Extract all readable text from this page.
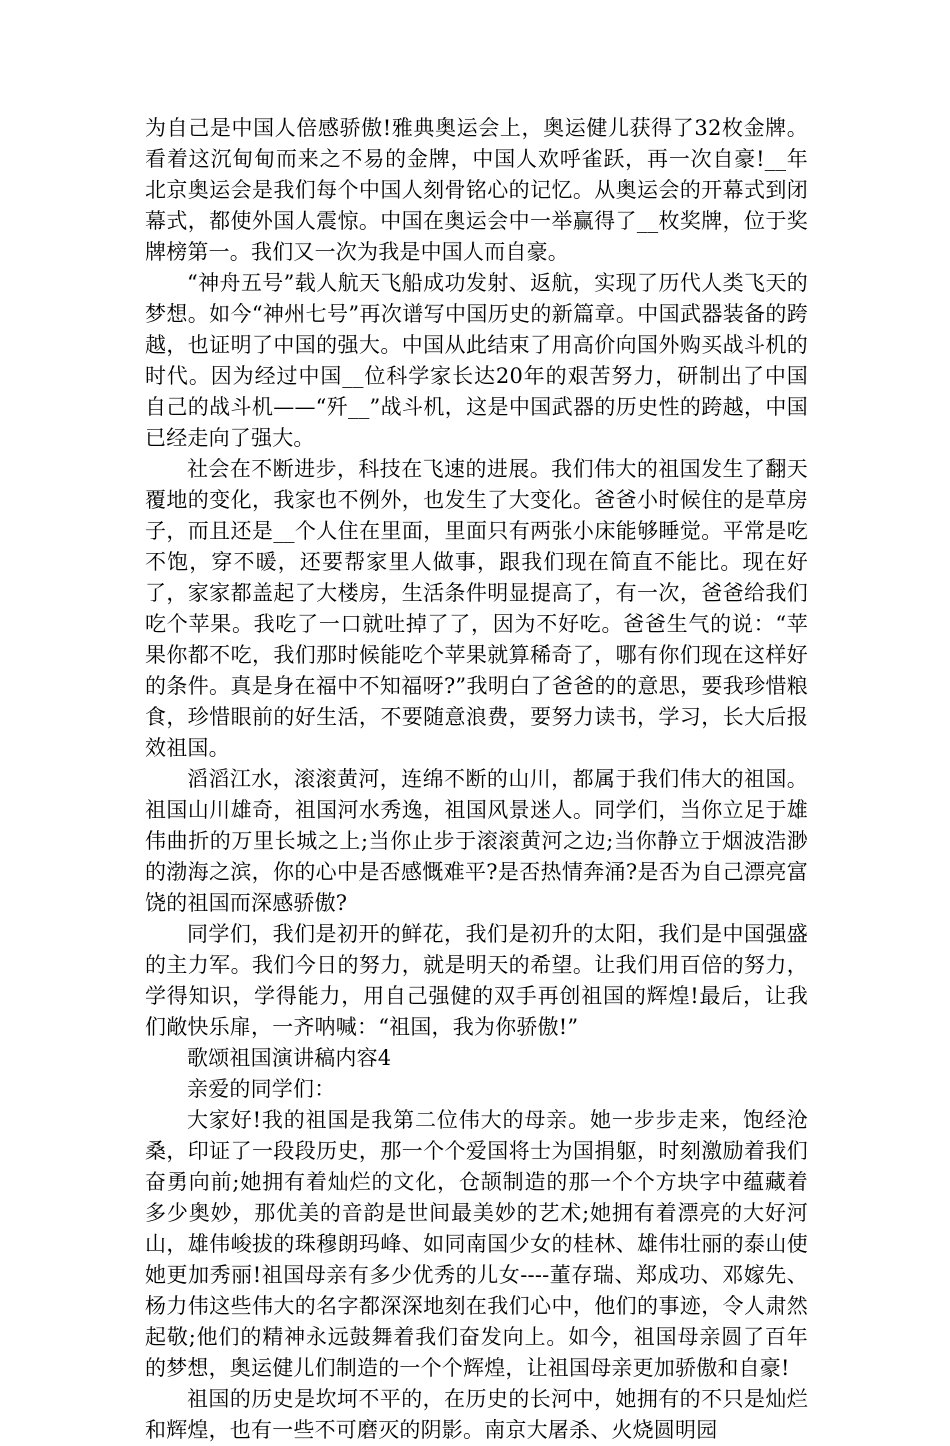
为自己是中国人倍感骄傲!雅典奥运会上，奥运健儿获得了32枚金牌。看着这沉甸甸而来之不易的金牌，中国人欢呼雀跃，再一次自豪!__年北京奥运会是我们每个中国人刻骨铭心的记忆。从奥运会的开幕式到闭幕式，都使外国人震惊。中国在奥运会中一举赢得了__枚奖牌，位于奖牌榜第一。我们又一次为我是中国人而自豪。

“神舟五号”载人航天飞船成功发射、返航，实现了历代人类飞天的梦想。如今“神州七号”再次谱写中国历史的新篇章。中国武器装备的跨越，也证明了中国的强大。中国从此结束了用高价向国外购买战斗机的时代。因为经过中国__位科学家长达20年的艰苦努力，研制出了中国自己的战斗机——“歼__”战斗机，这是中国武器的历史性的跨越，中国已经走向了强大。

社会在不断进步，科技在飞速的进展。我们伟大的祖国发生了翻天覆地的变化，我家也不例外，也发生了大变化。爸爸小时候住的是草房子，而且还是__个人住在里面，里面只有两张小床能够睡觉。平常是吃不饱，穿不暖，还要帮家里人做事，跟我们现在简直不能比。现在好了，家家都盖起了大楼房，生活条件明显提高了，有一次，爸爸给我们吃个苹果。我吃了一口就吐掉了了，因为不好吃。爸爸生气的说：“苹果你都不吃，我们那时候能吃个苹果就算稀奇了，哪有你们现在这样好的条件。真是身在福中不知福呀?”我明白了爸爸的的意思，要我珍惜粮食，珍惜眼前的好生活，不要随意浪费，要努力读书，学习，长大后报效祖国。

滔滔江水，滚滚黄河，连绵不断的山川，都属于我们伟大的祖国。祖国山川雄奇，祖国河水秀逸，祖国风景迷人。同学们，当你立足于雄伟曲折的万里长城之上;当你止步于滚滚黄河之边;当你静立于烟波浩渺的渤海之滨，你的心中是否感慨难平?是否热情奔涌?是否为自己漂亮富饶的祖国而深感骄傲?

同学们，我们是初开的鲜花，我们是初升的太阳，我们是中国强盛的主力军。我们今日的努力，就是明天的希望。让我们用百倍的努力，学得知识，学得能力，用自己强健的双手再创祖国的辉煌!最后，让我们敞快乐扉，一齐呐喊：“祖国，我为你骄傲!”

歌颂祖国演讲稿内容4

亲爱的同学们：

大家好!我的祖国是我第二位伟大的母亲。她一步步走来，饱经沧桑，印证了一段段历史，那一个个爱国将士为国捐躯，时刻激励着我们奋勇向前;她拥有着灿烂的文化，仓颉制造的那一个个方块字中蕴藏着多少奥妙，那优美的音韵是世间最美妙的艺术;她拥有着漂亮的大好河山，雄伟峻拔的珠穆朗玛峰、如同南国少女的桂林、雄伟壮丽的泰山使她更加秀丽!祖国母亲有多少优秀的儿女----董存瑞、郑成功、邓嫁先、杨力伟这些伟大的名字都深深地刻在我们心中，他们的事迹，令人肃然起敬;他们的精神永远鼓舞着我们奋发向上。如今，祖国母亲圆了百年的梦想，奥运健儿们制造的一个个辉煌，让祖国母亲更加骄傲和自豪!

祖国的历史是坎坷不平的，在历史的长河中，她拥有的不只是灿烂和辉煌，也有一些不可磨灭的阴影。南京大屠杀、火烧圆明园
